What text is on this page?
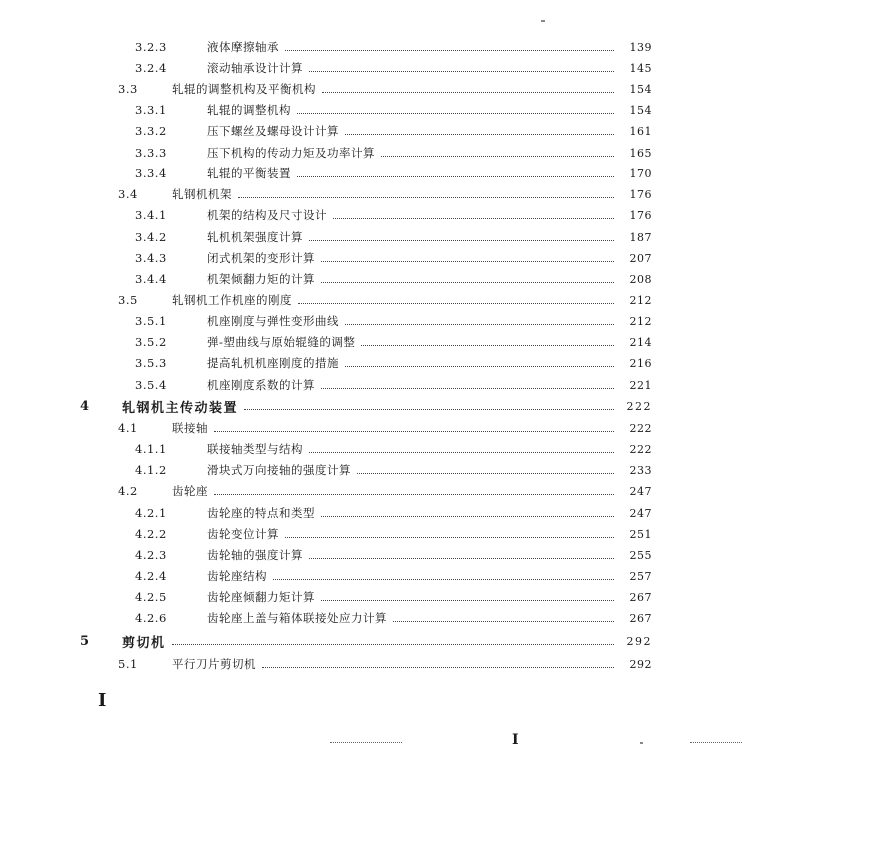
3.2.3	液体摩擦轴承	139
3.2.4	滚动轴承设计计算	145
3.3	轧辊的调整机构及平衡机构	154
3.3.1	轧辊的调整机构	154
3.3.2	压下螺丝及螺母设计计算	161
3.3.3	压下机构的传动力矩及功率计算	165
3.3.4	轧辊的平衡装置	170
3.4	轧钢机机架	176
3.4.1	机架的结构及尺寸设计	176
3.4.2	轧机机架强度计算	187
3.4.3	闭式机架的变形计算	207
3.4.4	机架倾翻力矩的计算	208
3.5	轧钢机工作机座的刚度	212
3.5.1	机座刚度与弹性变形曲线	212
3.5.2	弹-塑曲线与原始辊缝的调整	214
3.5.3	提高轧机机座刚度的措施	216
3.5.4	机座刚度系数的计算	221
4	轧钢机主传动装置	222
4.1	联接轴	222
4.1.1	联接轴类型与结构	222
4.1.2	滑块式万向接轴的强度计算	233
4.2	齿轮座	247
4.2.1	齿轮座的特点和类型	247
4.2.2	齿轮变位计算	251
4.2.3	齿轮轴的强度计算	255
4.2.4	齿轮座结构	257
4.2.5	齿轮座倾翻力矩计算	267
4.2.6	齿轮座上盖与箱体联接处应力计算	267
5	剪切机	292
5.1	平行刀片剪切机	292
I
I
